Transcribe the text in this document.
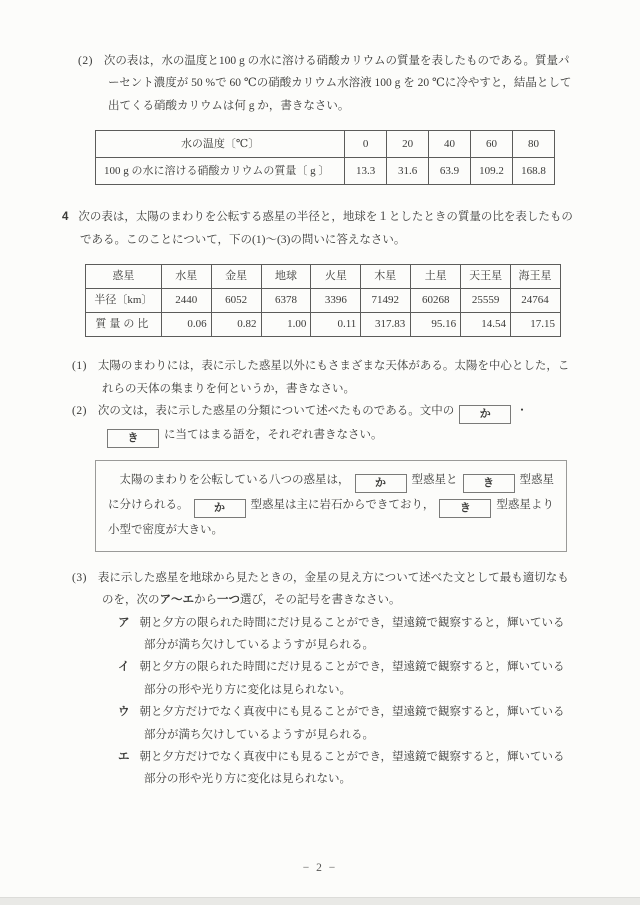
(2) 次の表は，水の温度と100 g の水に溶ける硝酸カリウムの質量を表したものである。質量パーセント濃度が 50 %で 60 ℃の硝酸カリウム水溶液 100 g を 20 ℃に冷やすと，結晶として出てくる硝酸カリウムは何 g か，書きなさい。

水の温度〔℃〕	0	20	40	60	80
100 g の水に溶ける硝酸カリウムの質量〔 g 〕	13.3	31.6	63.9	109.2	168.8

4 次の表は，太陽のまわりを公転する惑星の半径と，地球を１としたときの質量の比を表したものである。このことについて，下の(1)～(3)の問いに答えなさい。

惑星	水星	金星	地球	火星	木星	土星	天王星	海王星
半径〔km〕	2440	6052	6378	3396	71492	60268	25559	24764
質量の比	0.06	0.82	1.00	0.11	317.83	95.16	14.54	17.15

(1) 太陽のまわりには，表に示した惑星以外にもさまざまな天体がある。太陽を中心とした，これらの天体の集まりを何というか，書きなさい。

(2) 次の文は，表に示した惑星の分類について述べたものである。文中の か ・き に当てはまる語を，それぞれ書きなさい。

　太陽のまわりを公転している八つの惑星は， か 型惑星と き 型惑星に分けられる。 か 型惑星は主に岩石からできており， き 型惑星より小型で密度が大きい。

(3) 表に示した惑星を地球から見たときの，金星の見え方について述べた文として最も適切なものを，次のア～エから一つ選び，その記号を書きなさい。

ア 朝と夕方の限られた時間にだけ見ることができ，望遠鏡で観察すると，輝いている部分が満ち欠けしているようすが見られる。

イ 朝と夕方の限られた時間にだけ見ることができ，望遠鏡で観察すると，輝いている部分の形や光り方に変化は見られない。

ウ 朝と夕方だけでなく真夜中にも見ることができ，望遠鏡で観察すると，輝いている部分が満ち欠けしているようすが見られる。

エ 朝と夕方だけでなく真夜中にも見ることができ，望遠鏡で観察すると，輝いている部分の形や光り方に変化は見られない。

− 2 −
